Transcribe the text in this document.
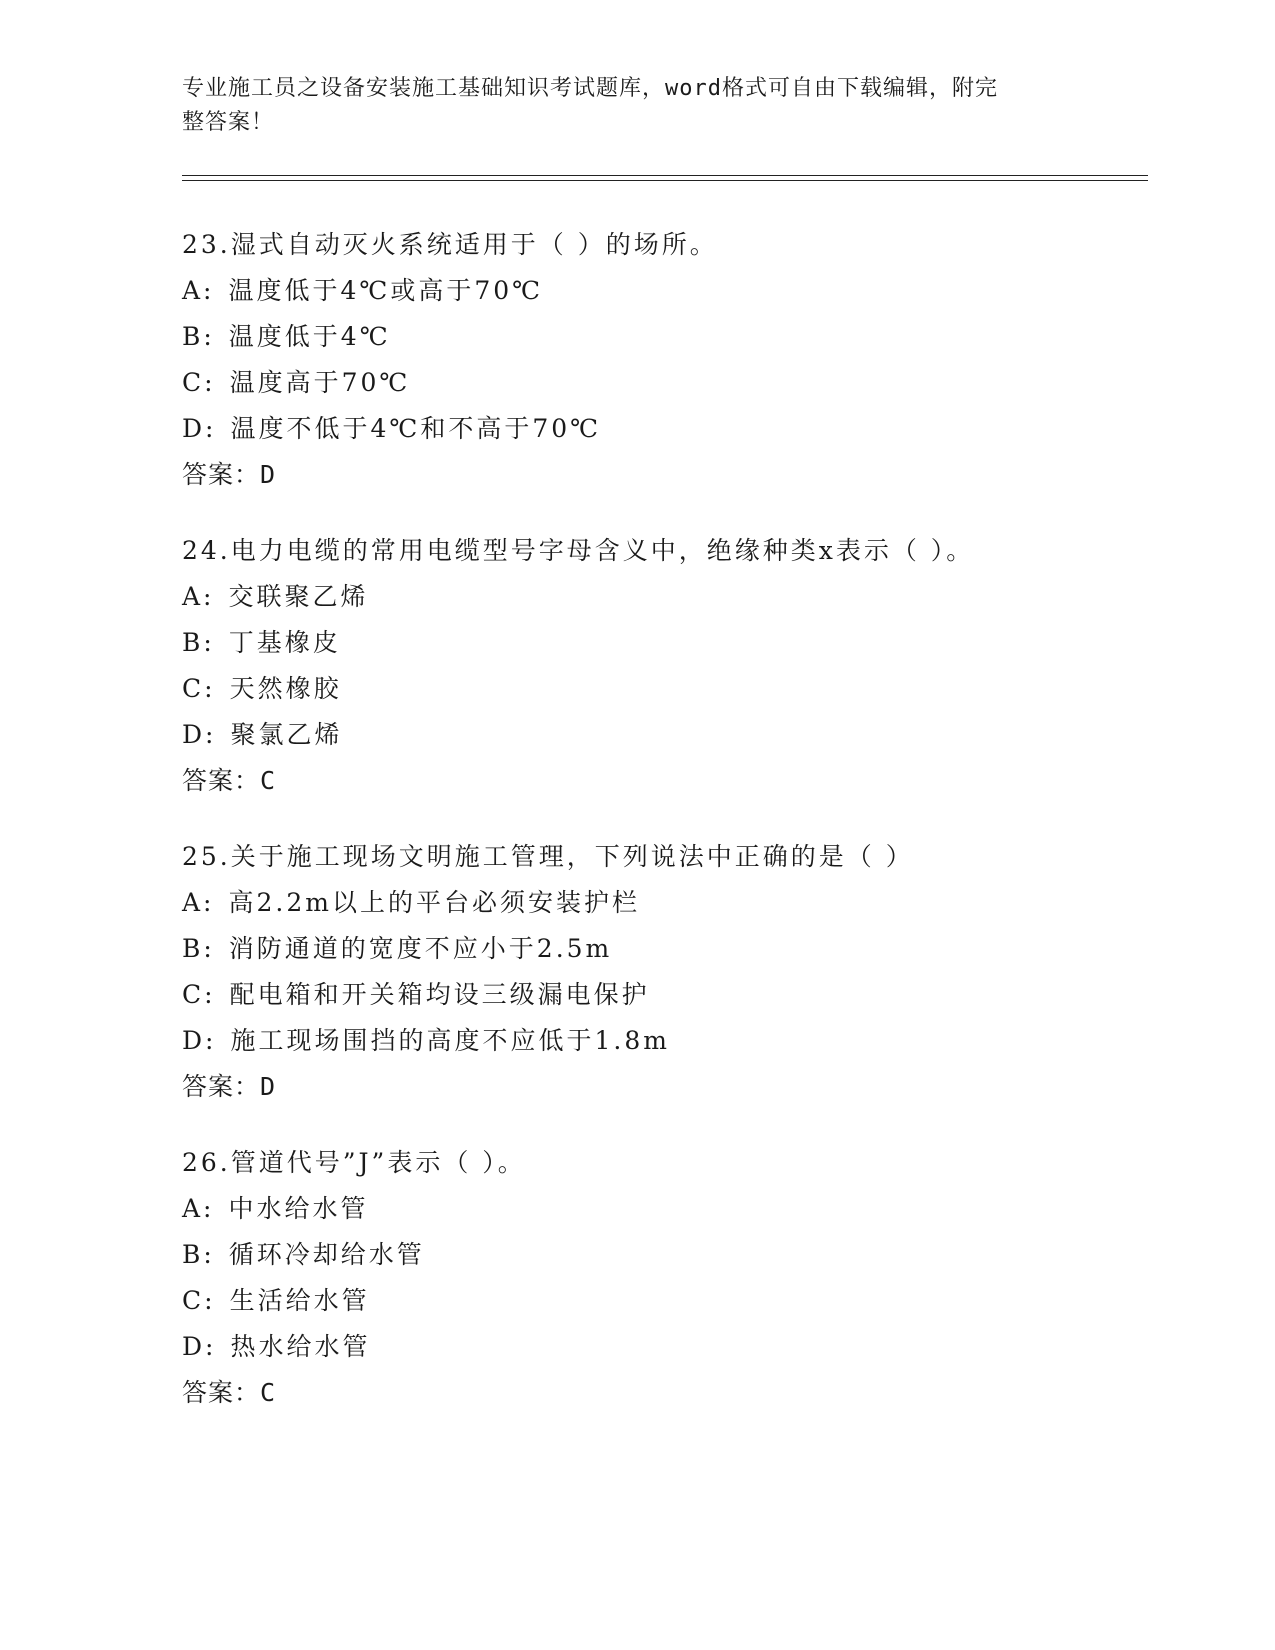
专业施工员之设备安装施工基础知识考试题库，word格式可自由下载编辑，附完
整答案！
23.湿式自动灭火系统适用于（ ）的场所。
A: 温度低于4℃或高于70℃
B: 温度低于4℃
C: 温度高于70℃
D: 温度不低于4℃和不高于70℃
答案：D
24.电力电缆的常用电缆型号字母含义中，绝缘种类x表示（ ）。
A: 交联聚乙烯
B: 丁基橡皮
C: 天然橡胶
D: 聚氯乙烯
答案：C
25.关于施工现场文明施工管理，下列说法中正确的是（ ）
A: 高2.2m以上的平台必须安装护栏
B: 消防通道的宽度不应小于2.5m
C: 配电箱和开关箱均设三级漏电保护
D: 施工现场围挡的高度不应低于1.8m
答案：D
26.管道代号”J”表示（ ）。
A: 中水给水管
B: 循环冷却给水管
C: 生活给水管
D: 热水给水管
答案：C
